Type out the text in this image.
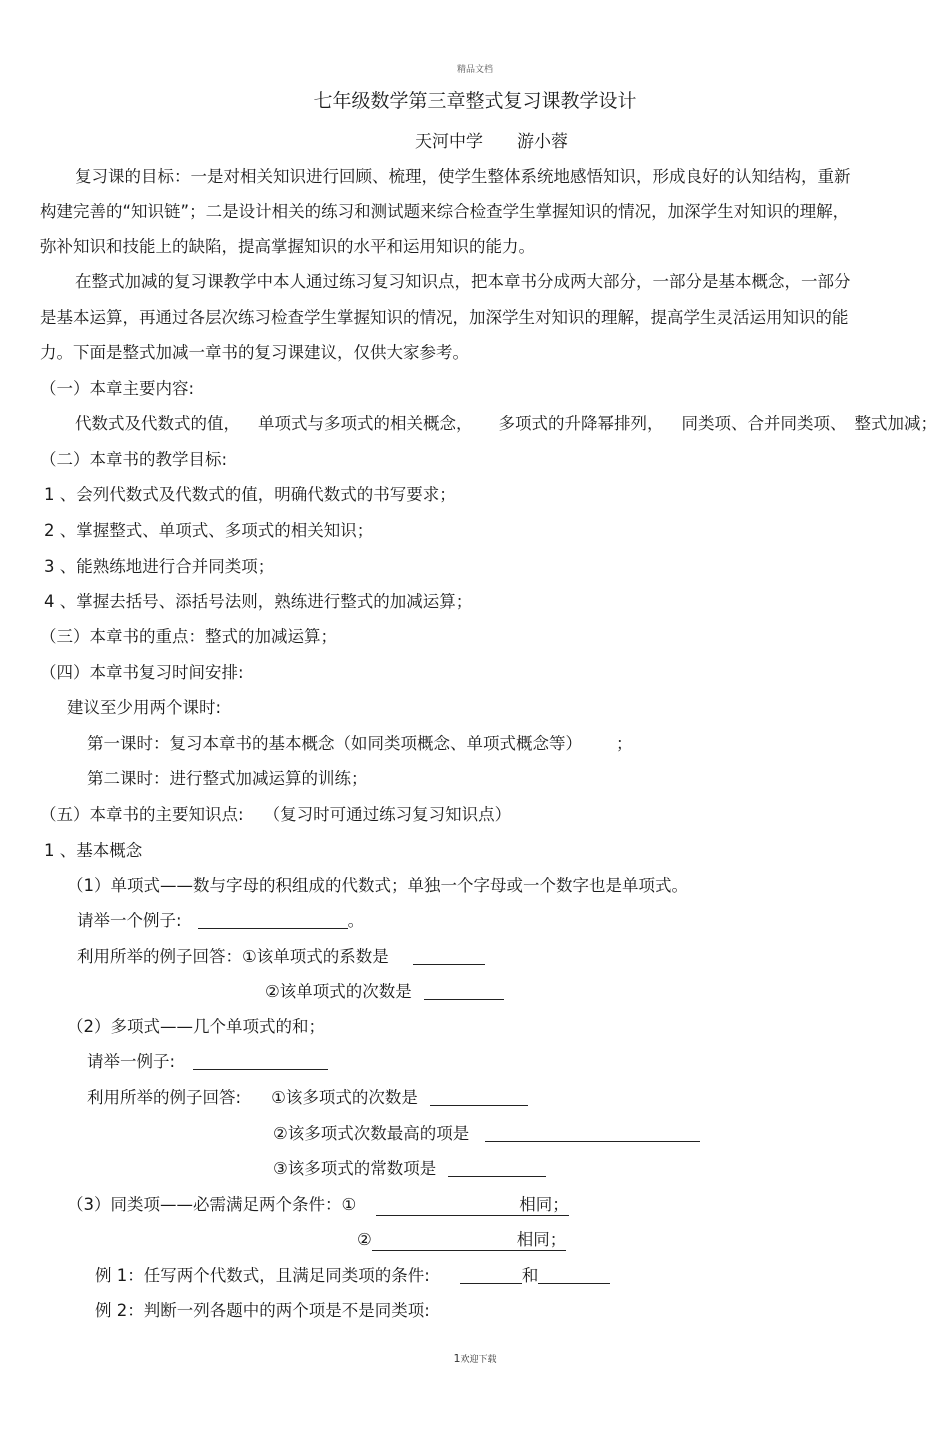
精品文档
七年级数学第三章整式复习课教学设计
天河中学 游小蓉
复习课的目标：一是对相关知识进行回顾、梳理，使学生整体系统地感悟知识，形成良好的认知结构，重新
构建完善的“知识链”；二是设计相关的练习和测试题来综合检查学生掌握知识的情况，加深学生对知识的理解，
弥补知识和技能上的缺陷，提高掌握知识的水平和运用知识的能力。
在整式加减的复习课教学中本人通过练习复习知识点，把本章书分成两大部分，一部分是基本概念，一部分
是基本运算，再通过各层次练习检查学生掌握知识的情况，加深学生对知识的理解，提高学生灵活运用知识的能
力。下面是整式加减一章书的复习课建议，仅供大家参考。
（一）本章主要内容:
代数式及代数式的值， 单项式与多项式的相关概念， 多项式的升降幂排列， 同类项、合并同类项、 整式加减；
（二）本章书的教学目标:
1 、会列代数式及代数式的值，明确代数式的书写要求；
2 、掌握整式、单项式、多项式的相关知识；
3 、能熟练地进行合并同类项；
4 、掌握去括号、添括号法则，熟练进行整式的加减运算；
（三）本章书的重点：整式的加减运算；
（四）本章书复习时间安排:
建议至少用两个课时:
第一课时：复习本章书的基本概念（如同类项概念、单项式概念等） ；
第二课时：进行整式加减运算的训练；
（五）本章书的主要知识点: （复习时可通过练习复习知识点）
1 、基本概念
（1）单项式——数与字母的积组成的代数式；单独一个字母或一个数字也是单项式。
请举一个例子:	。
利用所举的例子回答：①该单项式的系数是
②该单项式的次数是
（2）多项式——几个单项式的和；
请举一例子:
利用所举的例子回答: ①该多项式的次数是
②该多项式次数最高的项是
③该多项式的常数项是
（3）同类项——必需满足两个条件：①	相同；
②	相同；
例 1：任写两个代数式，且满足同类项的条件:	和
例 2：判断一列各题中的两个项是不是同类项:
1欢迎下载
